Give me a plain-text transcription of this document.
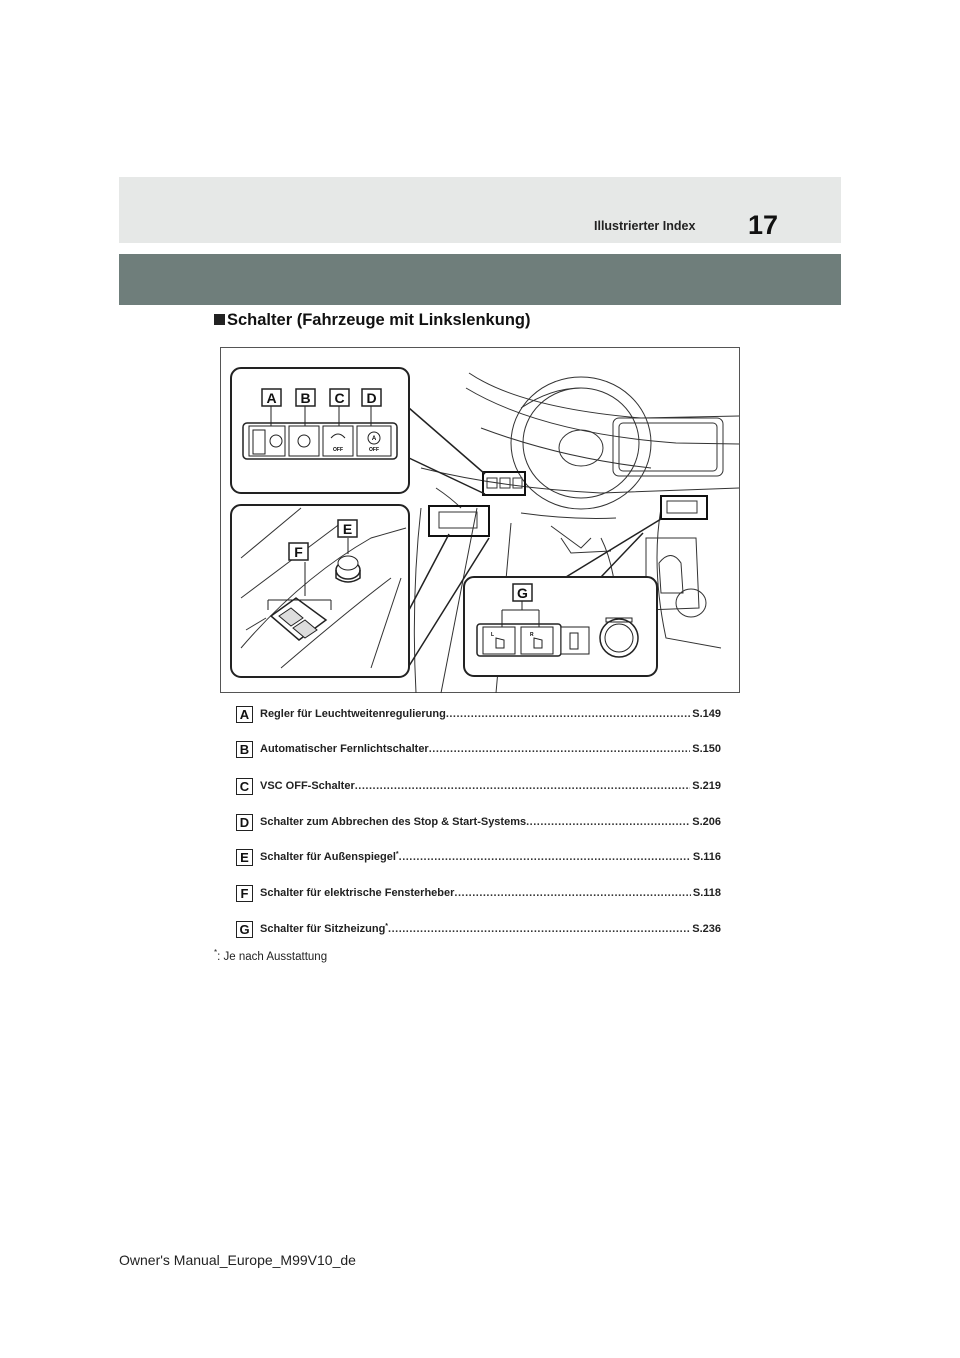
Illustrierter Index 17
Schalter (Fahrzeuge mit Linkslenkung)
OFF
A
OFF
A B C D
E
F
L	R
G
A Regler für Leuchtweitenregulierung .....	S.149
B Automatischer Fernlichtschalter .....	S.150
C VSC OFF-Schalter .....	S.219
D Schalter zum Abbrechen des Stop & Start-Systems .....	S.206
E	Schalter für Außenspiegel * .....	S.116
F	Schalter für elektrische Fensterheber .....	S.118
G Schalter für Sitzheizung * .....	S.236
*: Je nach Ausstattung
Owner's Manual_Europe_M99V10_de
